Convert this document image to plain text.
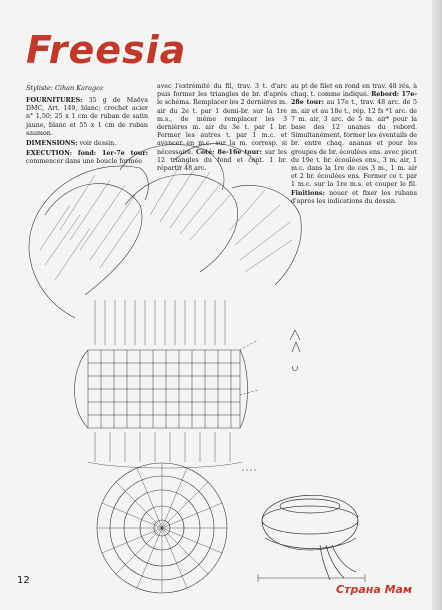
Freesia
Styliste: Cihan Karagoz

FOURNITURES: 35 g de Maëva DMC, Art. 149, blanc; crochet acier n° 1,50; 25 x 1 cm de ruban de satin jaune, blanc et 55 x 1 cm de ruban saumon.

DIMENSIONS: voir dessin.

EXECUTION: fond: 1er-7e tour: commencer dans une boucle formée

avec l'extrémité du fil, trav. 3 t. d'arc puis former les triangles de br. d'après le schéma. Remplacer les 2 dernières m. air du 2e t. par 1 demi-br. sur la 1re m.s., de même remplacer les 3 dernières m. air du 3e t. par 1 br. Fermer les autres t. par 1 m.c. et avancer en m.c. sur la m. corresp. si nécessaire. Côté: 8e-16e tour: sur les 12 triangles du fond et cont. 1 br. répartir 48 arc.

au pt de filet en rond en trav. 48 rés. à chaq. t. comme indiqué. Rebord: 17e-28e tour: au 17e t., trav. 48 arc. de 5 m. air et au 18e t., rép. 12 fs *1 arc. de 7 m. air, 3 arc. de 5 m. air* pour la base des 12 ananas du rebord. Simultanément, former les éventails de br. entre chaq. ananas et pour les groupes de br. écoulées ens. avec picot du 19e t. br. écoulées ens., 3 m. air, 1 m.c. dans la 1re de ces 3 m., 1 m. air et 2 br. écoulées ens. Fermer ce t. par 1 m.c. sur la 1re m.s. et couper le fil. Finitions: nouer et fixer les rubans d'après les indications du dessin.

12
Страна Мам
